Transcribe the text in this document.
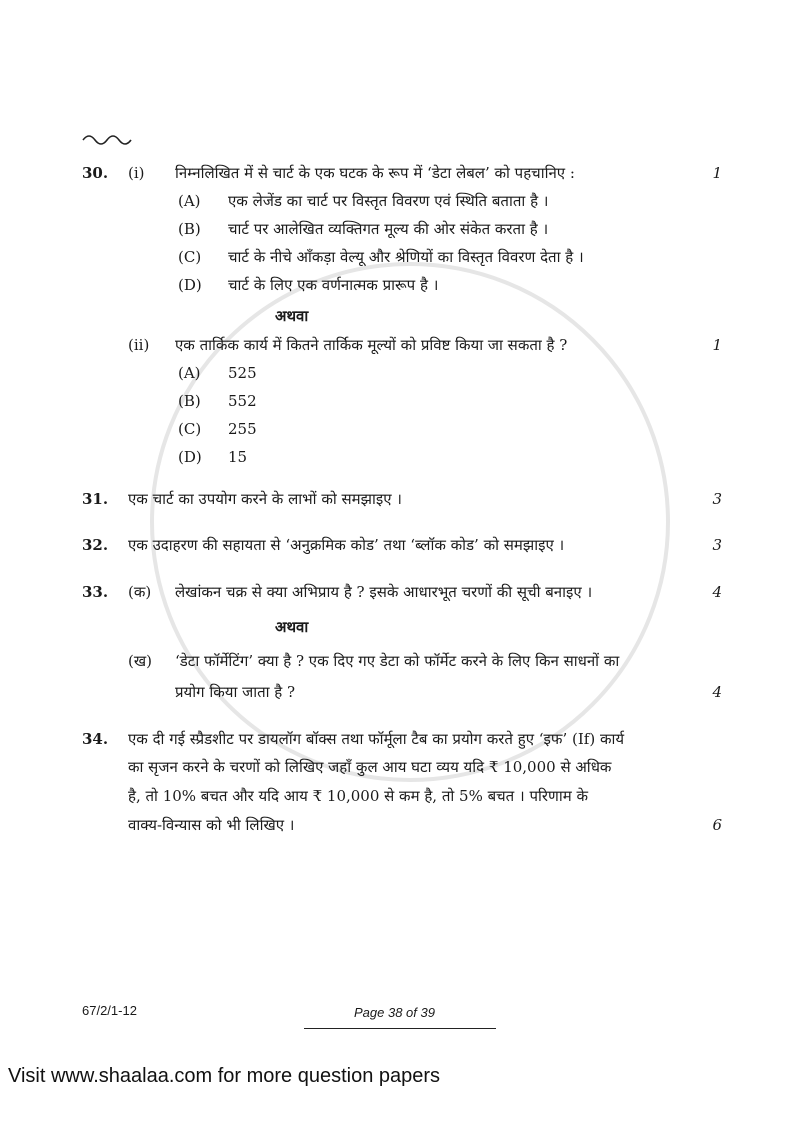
30.	(i)	निम्नलिखित में से चार्ट के एक घटक के रूप में ‘डेटा लेबल’ को पहचानिए :	1
(A)	एक लेजेंड का चार्ट पर विस्तृत विवरण एवं स्थिति बताता है ।
(B)	चार्ट पर आलेखित व्यक्तिगत मूल्य की ओर संकेत करता है ।
(C)	चार्ट के नीचे आँकड़ा वेल्यू और श्रेणियों का विस्तृत विवरण देता है ।
(D)	चार्ट के लिए एक वर्णनात्मक प्रारूप है ।
अथवा
(ii)	एक तार्किक कार्य में कितने तार्किक मूल्यों को प्रविष्ट किया जा सकता है ?	1
(A)	525
(B)	552
(C)	255
(D)	15
31.	एक चार्ट का उपयोग करने के लाभों को समझाइए ।	3
32.	एक उदाहरण की सहायता से ‘अनुक्रमिक कोड’ तथा ‘ब्लॉक कोड’ को समझाइए ।	3
33.	(क)	लेखांकन चक्र से क्या अभिप्राय है ? इसके आधारभूत चरणों की सूची बनाइए ।	4
अथवा
(ख)	‘डेटा फॉर्मेटिंग’ क्या है ? एक दिए गए डेटा को फॉर्मेट करने के लिए किन साधनों का
प्रयोग किया जाता है ?	4
34.	एक दी गई स्प्रैडशीट पर डायलॉग बॉक्स तथा फॉर्मूला टैब का प्रयोग करते हुए ‘इफ’ (If) कार्य
का सृजन करने के चरणों को लिखिए जहाँ कुल आय घटा व्यय यदि ₹ 10,000 से अधिक
है, तो 10% बचत और यदि आय ₹ 10,000 से कम है, तो 5% बचत । परिणाम के
वाक्य-विन्यास को भी लिखिए ।	6
67/2/1-12	Page 38 of 39
Visit www.shaalaa.com for more question papers
